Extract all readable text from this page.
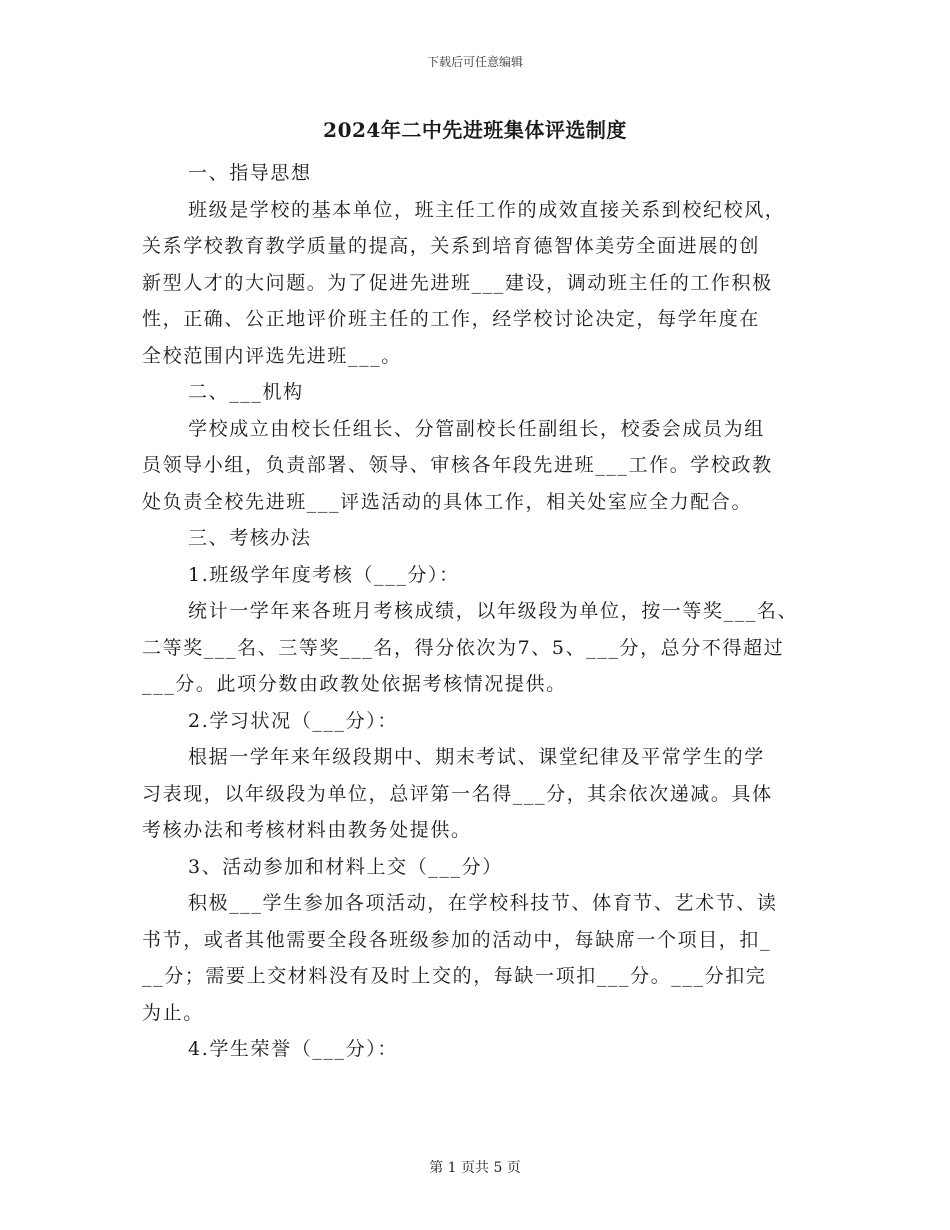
下载后可任意编辑
2024年二中先进班集体评选制度
一、指导思想
班级是学校的基本单位，班主任工作的成效直接关系到校纪校风，
关系学校教育教学质量的提高，关系到培育德智体美劳全面进展的创
新型人才的大问题。为了促进先进班___建设，调动班主任的工作积极
性，正确、公正地评价班主任的工作，经学校讨论决定，每学年度在
全校范围内评选先进班___。
二、___机构
学校成立由校长任组长、分管副校长任副组长，校委会成员为组
员领导小组，负责部署、领导、审核各年段先进班___工作。学校政教
处负责全校先进班___评选活动的具体工作，相关处室应全力配合。
三、考核办法
1.班级学年度考核（___分）：
统计一学年来各班月考核成绩，以年级段为单位，按一等奖___名、
二等奖___名、三等奖___名，得分依次为7、5、___分，总分不得超过
___分。此项分数由政教处依据考核情况提供。
2.学习状况（___分）：
根据一学年来年级段期中、期末考试、课堂纪律及平常学生的学
习表现，以年级段为单位，总评第一名得___分，其余依次递减。具体
考核办法和考核材料由教务处提供。
3、活动参加和材料上交（___分）
积极___学生参加各项活动，在学校科技节、体育节、艺术节、读
书节，或者其他需要全段各班级参加的活动中，每缺席一个项目，扣_
__分；需要上交材料没有及时上交的，每缺一项扣___分。___分扣完
为止。
4.学生荣誉（___分）：
第 1 页共 5 页
